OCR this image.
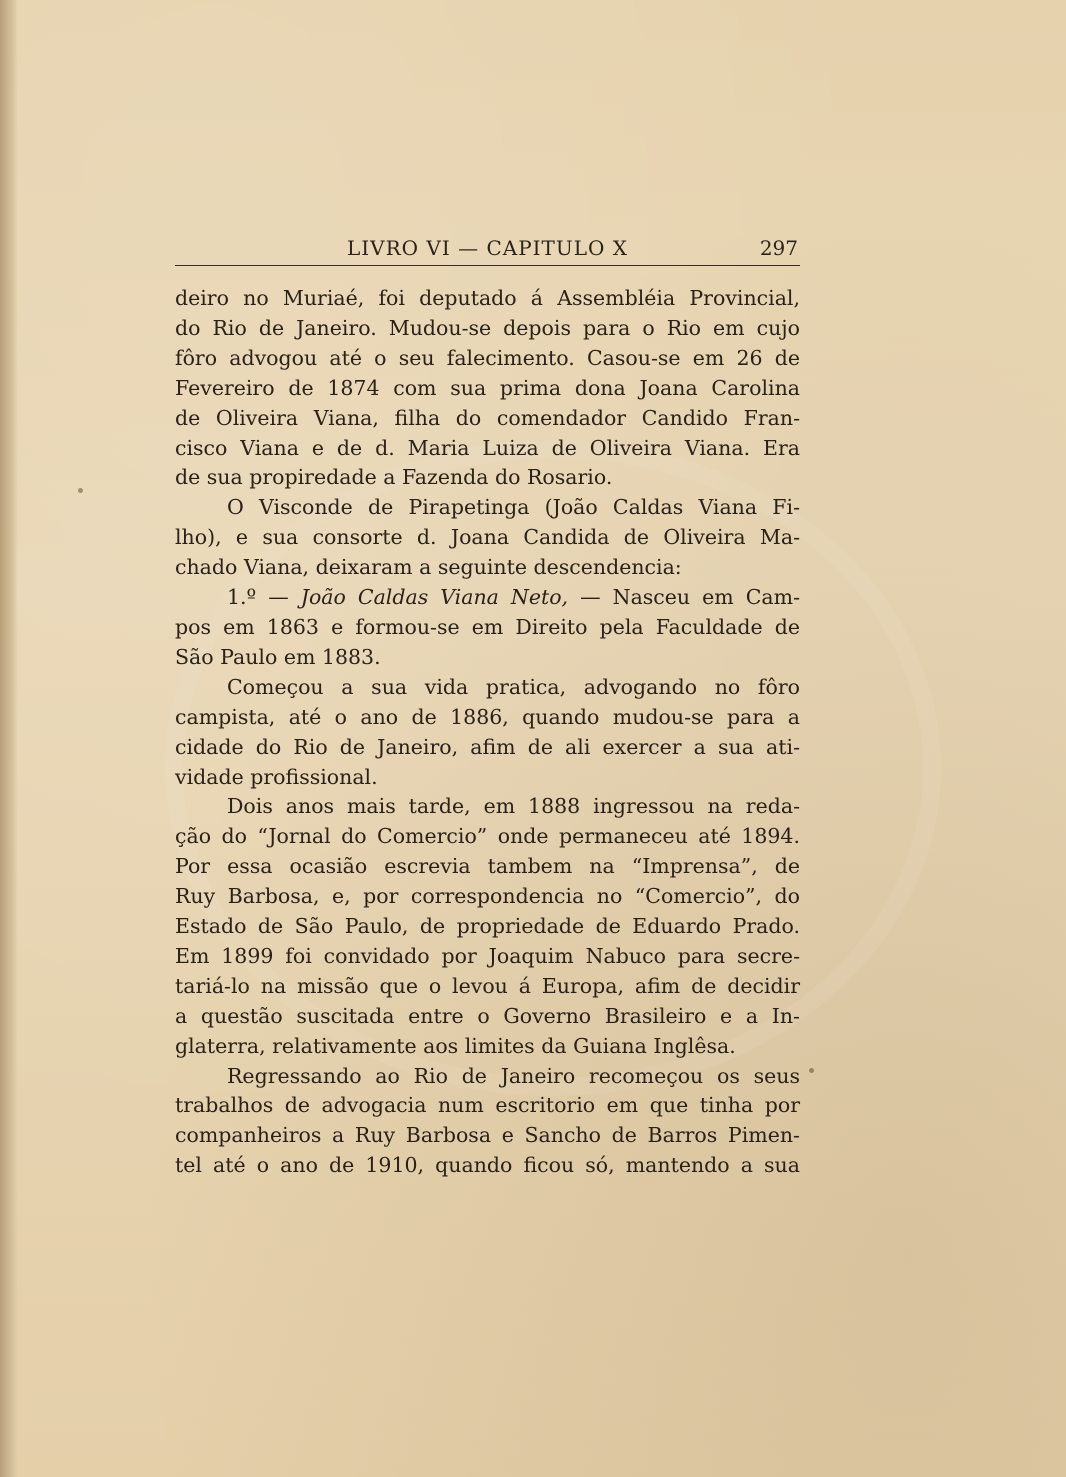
LIVRO VI — CAPITULO X	297
deiro no Muriaé, foi deputado á Assembléia Provincial,
do Rio de Janeiro. Mudou-se depois para o Rio em cujo
fôro advogou até o seu falecimento. Casou-se em 26 de
Fevereiro de 1874 com sua prima dona Joana Carolina
de Oliveira Viana, filha do comendador Candido Fran-
cisco Viana e de d. Maria Luiza de Oliveira Viana. Era
de sua propiredade a Fazenda do Rosario.
O Visconde de Pirapetinga (João Caldas Viana Fi-
lho), e sua consorte d. Joana Candida de Oliveira Ma-
chado Viana, deixaram a seguinte descendencia:
1.º — João Caldas Viana Neto, — Nasceu em Cam-
pos em 1863 e formou-se em Direito pela Faculdade de
São Paulo em 1883.
Começou a sua vida pratica, advogando no fôro
campista, até o ano de 1886, quando mudou-se para a
cidade do Rio de Janeiro, afim de ali exercer a sua ati-
vidade profissional.
Dois anos mais tarde, em 1888 ingressou na reda-
ção do “Jornal do Comercio” onde permaneceu até 1894.
Por essa ocasião escrevia tambem na “Imprensa”, de
Ruy Barbosa, e, por correspondencia no “Comercio”, do
Estado de São Paulo, de propriedade de Eduardo Prado.
Em 1899 foi convidado por Joaquim Nabuco para secre-
tariá-lo na missão que o levou á Europa, afim de decidir
a questão suscitada entre o Governo Brasileiro e a In-
glaterra, relativamente aos limites da Guiana Inglêsa.
Regressando ao Rio de Janeiro recomeçou os seus
trabalhos de advogacia num escritorio em que tinha por
companheiros a Ruy Barbosa e Sancho de Barros Pimen-
tel até o ano de 1910, quando ficou só, mantendo a sua
